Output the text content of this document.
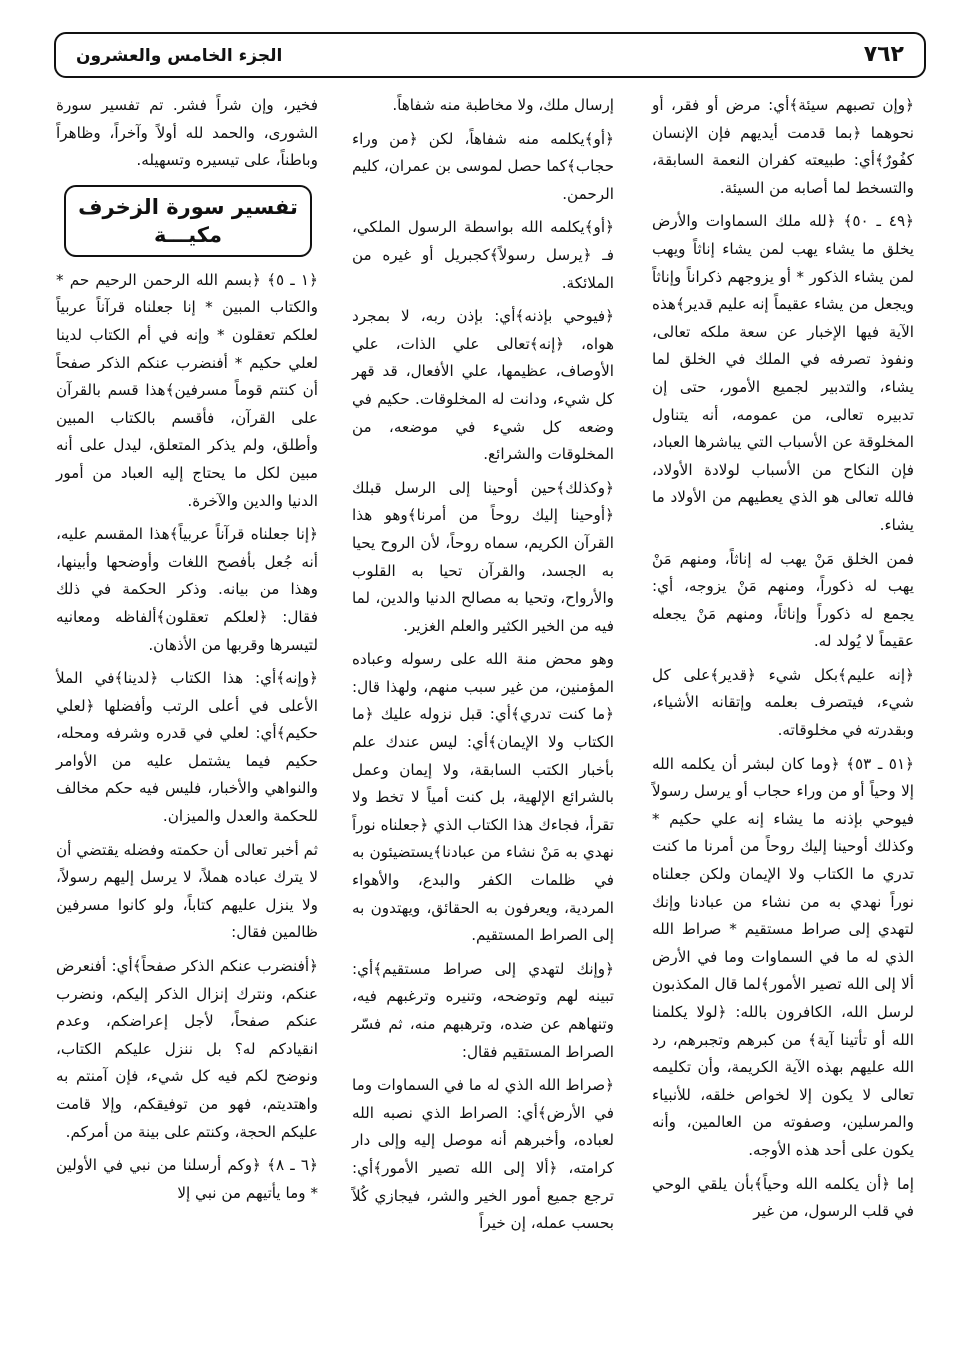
٧٦٢
الجزء الخامس والعشرون

﴿وإن تصبهم سيئة﴾أي: مرض أو فقر، أو نحوهما ﴿بما قدمت أيديهم فإن الإنسان كفُورٌ﴾أي: طبيعته كفران النعمة السابقة، والتسخط لما أصابه من السيئة.

﴿٤٩ ـ ٥٠﴾ ﴿لله ملك السماوات والأرض يخلق ما يشاء يهب لمن يشاء إناثاً ويهب لمن يشاء الذكور * أو يزوجهم ذكراناً وإناثاً ويجعل من يشاء عقيماً إنه عليم قدير﴾هذه الآية فيها الإخبار عن سعة ملكه تعالى، ونفوذ تصرفه في الملك في الخلق لما يشاء، والتدبير لجميع الأمور، حتى إن تدبيره تعالى، من عمومه، أنه يتناول المخلوقة عن الأسباب التي يباشرها العباد، فإن النكاح من الأسباب لولادة الأولاد، فالله تعالى هو الذي يعطيهم من الأولاد ما يشاء.

فمن الخلق مَنْ يهب له إناثاً، ومنهم مَنْ يهب له ذكوراً، ومنهم مَنْ يزوجه، أي: يجمع له ذكوراً وإناثاً، ومنهم مَنْ يجعله عقيماً لا يُولد له.

﴿إنه عليم﴾بكل شيء ﴿قدير﴾على كل شيء، فيتصرف بعلمه وإتقانه الأشياء، وبقدرته في مخلوقاته.

﴿٥١ ـ ٥٣﴾ ﴿وما كان لبشر أن يكلمه الله إلا وحياً أو من وراء حجاب أو يرسل رسولاً فيوحي بإذنه ما يشاء إنه علي حكيم * وكذلك أوحينا إليك روحاً من أمرنا ما كنت تدري ما الكتاب ولا الإيمان ولكن جعلناه نوراً نهدي به من نشاء من عبادنا وإنك لتهدي إلى صراط مستقيم * صراط الله الذي له ما في السماوات وما في الأرض ألا إلى الله تصير الأمور﴾لما قال المكذبون لرسل الله، الكافرون بالله: ﴿لولا يكلمنا الله أو تأتينا آية﴾ من كبرهم وتجبرهم، رد الله عليهم بهذه الآية الكريمة، وأن تكليمه تعالى لا يكون إلا لخواص خلقه، للأنبياء والمرسلين، وصفوته من العالمين، وأنه يكون على أحد هذه الأوجه.

إما ﴿أن يكلمه الله وحياً﴾بأن يلقي الوحي في قلب الرسول، من غير

إرسال ملك، ولا مخاطبة منه شفاهاً.

﴿أو﴾يكلمه منه شفاهاً، لكن ﴿من وراء حجاب﴾كما حصل لموسى بن عمران، كليم الرحمن.

﴿أو﴾يكلمه الله بواسطة الرسول الملكي، فـ ﴿يرسل رسولاً﴾كجبريل أو غيره من الملائكة.

﴿فيوحي بإذنه﴾أي: بإذن ربه، لا بمجرد هواه، ﴿إنه﴾تعالى علي الذات، علي الأوصاف، عظيمها، علي الأفعال، قد قهر كل شيء، ودانت له المخلوقات. حكيم في وضعه كل شيء في موضعه، من المخلوقات والشرائع.

﴿وكذلك﴾حين أوحينا إلى الرسل قبلك ﴿أوحينا إليك روحاً من أمرنا﴾وهو هذا القرآن الكريم، سماه روحاً، لأن الروح يحيا به الجسد، والقرآن تحيا به القلوب والأرواح، وتحيا به مصالح الدنيا والدين، لما فيه من الخير الكثير والعلم الغزير.

وهو محض منة الله على رسوله وعباده المؤمنين، من غير سبب منهم، ولهذا قال: ﴿ما كنت تدري﴾أي: قبل نزوله عليك ﴿ما الكتاب ولا الإيمان﴾أي: ليس عندك علم بأخبار الكتب السابقة، ولا إيمان وعمل بالشرائع الإلهية، بل كنت أمياً لا تخط ولا تقرأ، فجاءك هذا الكتاب الذي ﴿جعلناه نوراً نهدي به مَنْ نشاء من عبادنا﴾يستضيئون به في ظلمات الكفر والبدع، والأهواء المردية، ويعرفون به الحقائق، ويهتدون به إلى الصراط المستقيم.

﴿وإنك لتهدي إلى صراط مستقيم﴾أي: تبينه لهم وتوضحه، وتنيره وترغبهم فيه، وتنهاهم عن ضده، وترهبهم منه، ثم فسّر الصراط المستقيم فقال:

﴿صراط الله الذي له ما في السماوات وما في الأرض﴾أي: الصراط الذي نصبه الله لعباده، وأخبرهم أنه موصل إليه وإلى دار كرامته، ﴿ألا إلى الله تصير الأمور﴾أي: ترجع جميع أمور الخير والشر، فيجازي كُلاً بحسب عمله، إن خيراً

فخير، وإن شراً فشر. تم تفسير سورة الشورى، والحمد لله أولاً وآخراً، وظاهراً وباطناً، على تيسيره وتسهيله.

تفسير سورة الزخرف
مكيـــة

﴿١ ـ ٥﴾ ﴿بسم الله الرحمن الرحيم حم * والكتاب المبين * إنا جعلناه قرآناً عربياً لعلكم تعقلون * وإنه في أم الكتاب لدينا لعلي حكيم * أفنضرب عنكم الذكر صفحاً أن كنتم قوماً مسرفين﴾هذا قسم بالقرآن على القرآن، فأقسم بالكتاب المبين وأطلق، ولم يذكر المتعلق، ليدل على أنه مبين لكل ما يحتاج إليه العباد من أمور الدنيا والدين والآخرة.

﴿إنا جعلناه قرآناً عربياً﴾هذا المقسم عليه، أنه جُعل بأفصح اللغات وأوضحها وأبينها، وهذا من بيانه. وذكر الحكمة في ذلك فقال: ﴿لعلكم تعقلون﴾ألفاظه ومعانيه لتيسرها وقربها من الأذهان.

﴿وإنه﴾أي: هذا الكتاب ﴿لدينا﴾في الملأ الأعلى في أعلى الرتب وأفضلها ﴿لعلي حكيم﴾أي: لعلي في قدره وشرفه ومحله، حكيم فيما يشتمل عليه من الأوامر والنواهي والأخبار، فليس فيه حكم مخالف للحكمة والعدل والميزان.

ثم أخبر تعالى أن حكمته وفضله يقتضي أن لا يترك عباده هملاً، لا يرسل إليهم رسولاً، ولا ينزل عليهم كتاباً، ولو كانوا مسرفين ظالمين فقال:

﴿أفنضرب عنكم الذكر صفحاً﴾أي: أفنعرض عنكم، ونترك إنزال الذكر إليكم، ونضرب عنكم صفحاً، لأجل إعراضكم، وعدم انقيادكم له؟ بل ننزل عليكم الكتاب، ونوضح لكم فيه كل شيء، فإن آمنتم به واهتديتم، فهو من توفيقكم، وإلا قامت عليكم الحجة، وكنتم على بينة من أمركم.

﴿٦ ـ ٨﴾ ﴿وكم أرسلنا من نبي في الأولين * وما يأتيهم من نبي إلا
